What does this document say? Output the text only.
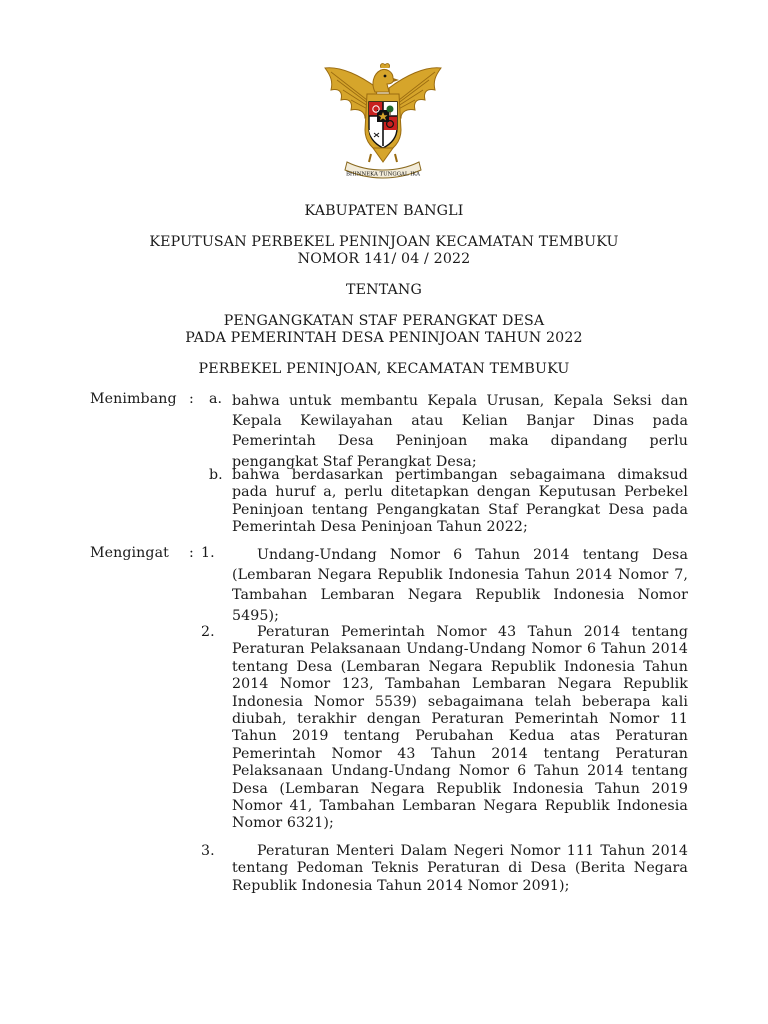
BHINNEKA TUNGGAL IKA
KABUPATEN BANGLI
KEPUTUSAN PERBEKEL PENINJOAN KECAMATAN TEMBUKU
NOMOR 141/ 04 / 2022
TENTANG
PENGANGKATAN STAF PERANGKAT DESA
PADA PEMERINTAH DESA PENINJOAN TAHUN 2022
PERBEKEL PENINJOAN, KECAMATAN TEMBUKU
Menimbang : a. bahwa untuk membantu Kepala Urusan, Kepala Seksi dan Kepala Kewilayahan atau Kelian Banjar Dinas pada Pemerintah Desa Peninjoan maka dipandang perlu pengangkat Staf Perangkat Desa;
b. bahwa berdasarkan pertimbangan sebagaimana dimaksud pada huruf a, perlu ditetapkan dengan Keputusan Perbekel Peninjoan tentang Pengangkatan Staf Perangkat Desa pada Pemerintah Desa Peninjoan Tahun 2022;
Mengingat : 1.	Undang-Undang Nomor 6 Tahun 2014 tentang Desa (Lembaran Negara Republik Indonesia Tahun 2014 Nomor 7, Tambahan Lembaran Negara Republik Indonesia Nomor 5495);
2.	Peraturan Pemerintah Nomor 43 Tahun 2014 tentang Peraturan Pelaksanaan Undang-Undang Nomor 6 Tahun 2014 tentang Desa (Lembaran Negara Republik Indonesia Tahun 2014 Nomor 123, Tambahan Lembaran Negara Republik Indonesia Nomor 5539) sebagaimana telah beberapa kali diubah, terakhir dengan Peraturan Pemerintah Nomor 11 Tahun 2019 tentang Perubahan Kedua atas Peraturan Pemerintah Nomor 43 Tahun 2014 tentang Peraturan Pelaksanaan Undang-Undang Nomor 6 Tahun 2014 tentang Desa (Lembaran Negara Republik Indonesia Tahun 2019 Nomor 41, Tambahan Lembaran Negara Republik Indonesia Nomor 6321);
3.	Peraturan Menteri Dalam Negeri Nomor 111 Tahun 2014 tentang Pedoman Teknis Peraturan di Desa (Berita Negara Republik Indonesia Tahun 2014 Nomor 2091);
